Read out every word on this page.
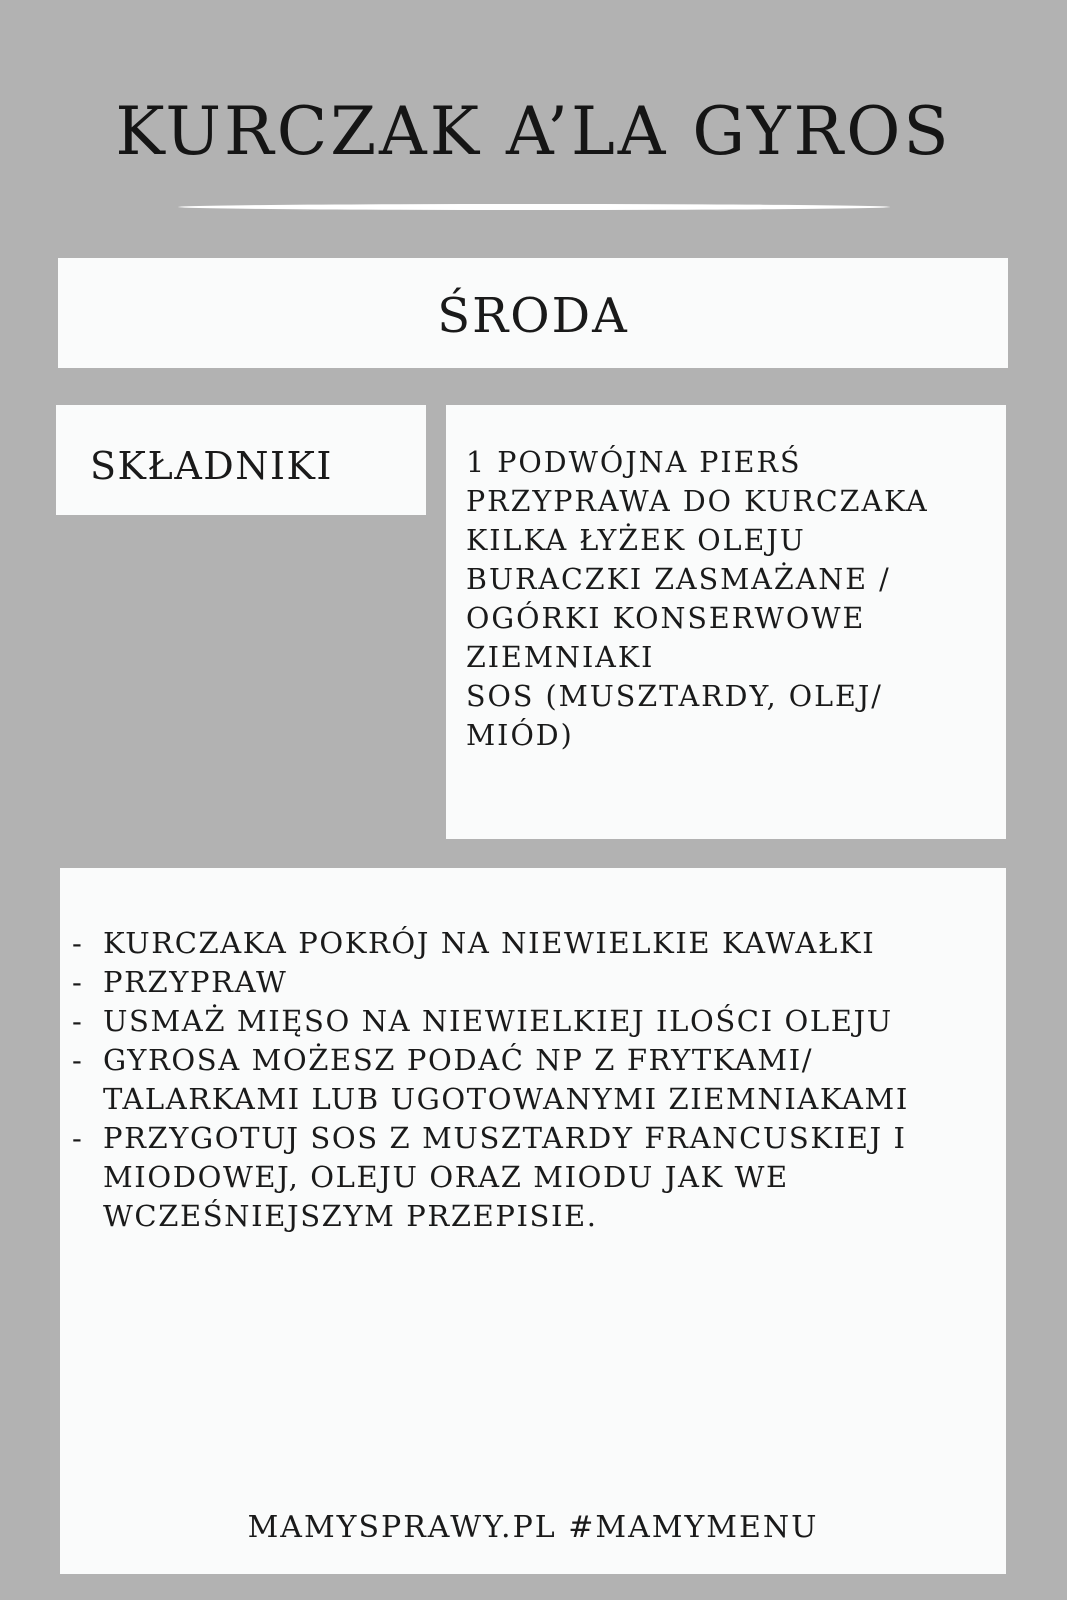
KURCZAK A’LA GYROS
ŚRODA
SKŁADNIKI	1 PODWÓJNA PIERŚ
PRZYPRAWA DO KURCZAKA
KILKA ŁYŻEK OLEJU
BURACZKI ZASMAŻANE /
OGÓRKI KONSERWOWE
ZIEMNIAKI
SOS (MUSZTARDY, OLEJ/
MIÓD)
- KURCZAKA POKRÓJ NA NIEWIELKIE KAWAŁKI
- PRZYPRAW
- USMAŻ MIĘSO NA NIEWIELKIEJ ILOŚCI OLEJU
- GYROSA MOŻESZ PODAĆ NP Z FRYTKAMI/
TALARKAMI LUB UGOTOWANYMI ZIEMNIAKAMI
- PRZYGOTUJ SOS Z MUSZTARDY FRANCUSKIEJ I
MIODOWEJ, OLEJU ORAZ MIODU JAK WE
WCZEŚNIEJSZYM PRZEPISIE.
MAMYSPRAWY.PL #MAMYMENU
